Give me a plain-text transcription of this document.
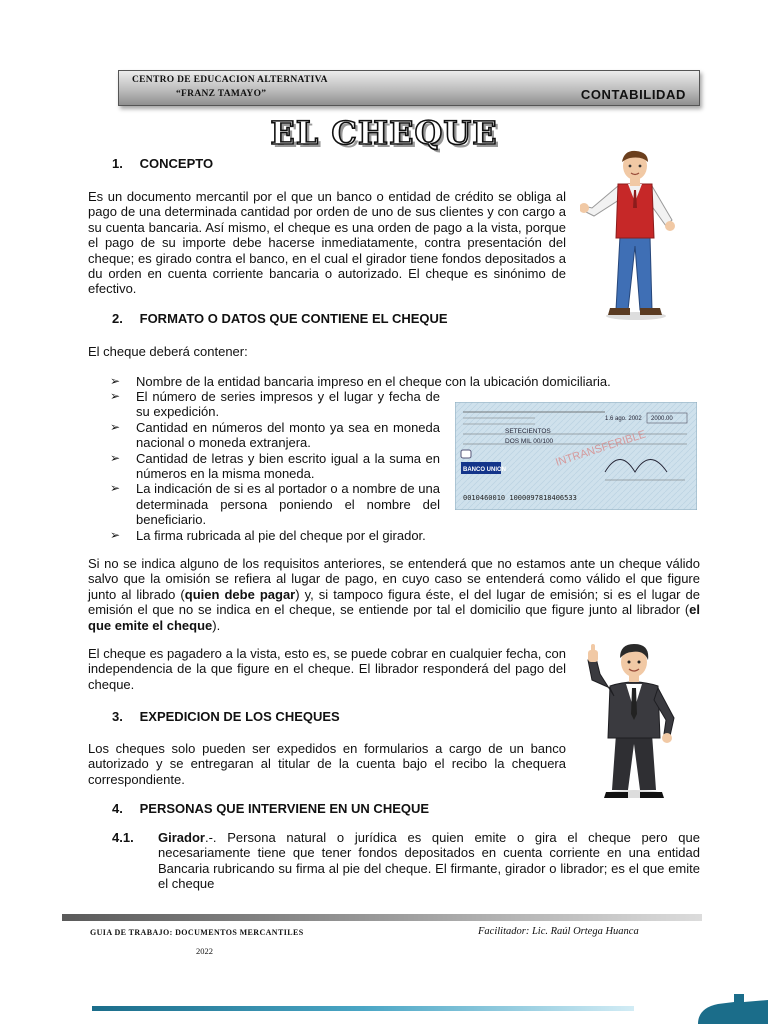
CENTRO DE EDUCACION ALTERNATIVA
“FRANZ TAMAYO”	CONTABILIDAD
EL CHEQUE
1. CONCEPTO

Es un documento mercantil por el que un banco o entidad de crédito se obliga al pago de una determinada cantidad por orden de uno de sus clientes y con cargo a su cuenta bancaria. Así mismo, el cheque es una orden de pago a la vista, porque el pago de su importe debe hacerse inmediatamente, contra presentación del cheque; es girado contra el banco, en el cual el girador tiene fondos depositados a du orden en cuenta corriente bancaria o autorizado. El cheque es sinónimo de efectivo.

2. FORMATO O DATOS QUE CONTIENE EL CHEQUE

El cheque deberá contener:

➢ Nombre de la entidad bancaria impreso en el cheque con la ubicación domiciliaria.
➢ El número de series impresos y el lugar y fecha de su expedición.
➢ Cantidad en números del monto ya sea en moneda nacional o moneda extranjera.
➢ Cantidad de letras y bien escrito igual a la suma en números en la misma moneda.
➢ La indicación de si es al portador o a nombre de una determinada persona poniendo el nombre del beneficiario.
➢ La firma rubricada al pie del cheque por el girador.
1.6 ago. 2002 2000.00
SETECIENTOS
DOS MIL 00/100 INTRANSFERIBLE
BANCO UNION
0010460010 1000097818406533

Si no se indica alguno de los requisitos anteriores, se entenderá que no estamos ante un cheque válido salvo que la omisión se refiera al lugar de pago, en cuyo caso se entenderá como válido el que figure junto al librado (quien debe pagar) y, si tampoco figura éste, el del lugar de emisión; si es el lugar de emisión el que no se indica en el cheque, se entiende por tal el domicilio que figure junto al librador (el que emite el cheque).

El cheque es pagadero a la vista, esto es, se puede cobrar en cualquier fecha, con independencia de la que figure en el cheque. El librador responderá del pago del cheque.

3. EXPEDICION DE LOS CHEQUES

Los cheques solo pueden ser expedidos en formularios a cargo de un banco autorizado y se entregaran al titular de la cuenta bajo el recibo la chequera correspondiente.

4. PERSONAS QUE INTERVIENE EN UN CHEQUE
4.1. Girador.-. Persona natural o jurídica es quien emite o gira el cheque pero que necesariamente tiene que tener fondos depositados en cuenta corriente en una entidad Bancaria rubricando su firma al pie del cheque. El firmante, girador o librador; es el que emite el cheque

GUIA DE TRABAJO: DOCUMENTOS MERCANTILES	Facilitador: Lic. Raúl Ortega Huanca
2022
